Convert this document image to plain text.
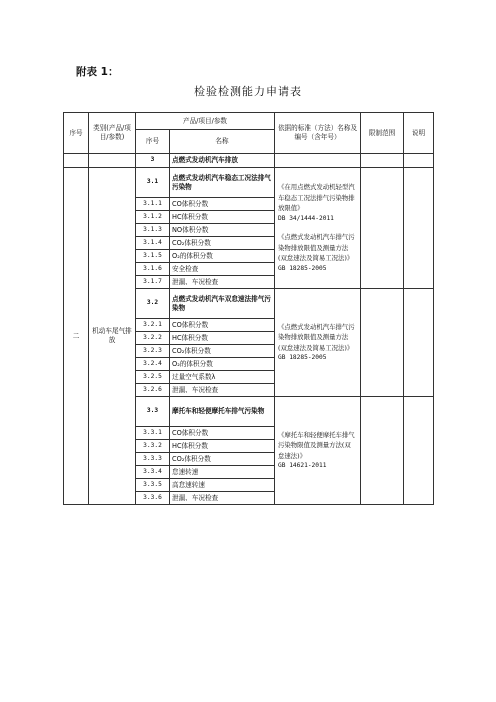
附表 1：
检验检测能力申请表
序号	类别(产品/项目/参数)	产品/项目/参数		依据的标准（方法）名称及编号（含年号）	限制范围	说明
		序号	名称			
		3	点燃式发动机汽车排放			
二	机动车尾气排放	3.1	点燃式发动机汽车稳态工况法排气污染物	《在用点燃式发动机轻型汽车稳态工况法排气污染物排放限值》
DB 34/1444-2011
《点燃式发动机汽车排气污染物排放限值及测量方法(双怠速法及简易工况法)》
GB 18285-2005		

		3.1.1	CO体积分数			
		3.1.2	HC体积分数			
		3.1.3	NO体积分数			
		3.1.4	CO₂体积分数			
		3.1.5	O₂的体积分数			
		3.1.6	安全检查			
		3.1.7	泄漏、车况检查			
		3.2	点燃式发动机汽车双怠速法排气污染物	《点燃式发动机汽车排气污染物排放限值及测量方法(双怠速法及简易工况法)》
GB 18285-2005		

		3.2.1	CO体积分数			
		3.2.2	HC体积分数			
		3.2.3	CO₂体积分数			
		3.2.4	O₂的体积分数			
		3.2.5	过量空气系数λ			
		3.2.6	泄漏、车况检查			
		3.3	摩托车和轻便摩托车排气污染物	《摩托车和轻便摩托车排气污染物限值及测量方法(双怠速法)》
GB 14621-2011		

		3.3.1	CO体积分数			
		3.3.2	HC体积分数			
		3.3.3	CO₂体积分数			
		3.3.4	怠速转速			
		3.3.5	高怠速转速			
		3.3.6	泄漏、车况检查			
